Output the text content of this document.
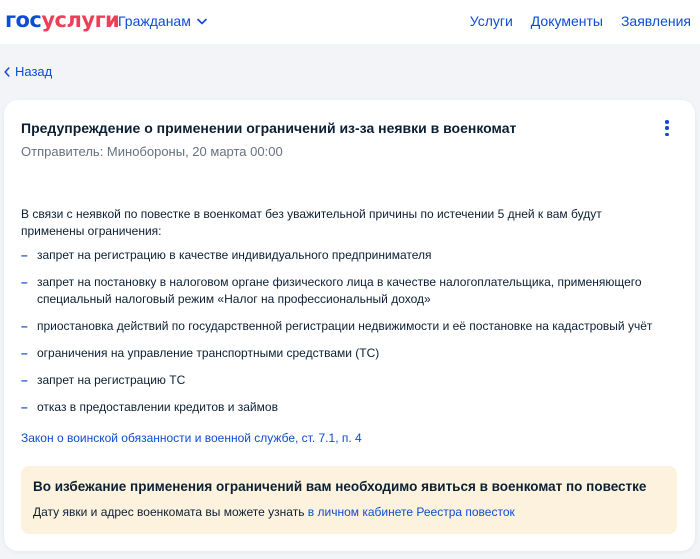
госуслуги
Гражданам	Услуги Документы Заявления
Назад
Предупреждение о применении ограничений из-за неявки в военкомат
Отправитель: Минобороны, 20 марта 00:00

В связи с неявкой по повестке в военкомат без уважительной причины по истечении 5 дней к вам будут применены ограничения:

– запрет на регистрацию в качестве индивидуального предпринимателя
– запрет на постановку в налоговом органе физического лица в качестве налогоплательщика, применяющего специальный налоговый режим «Налог на профессиональный доход»
– приостановка действий по государственной регистрации недвижимости и её постановке на кадастровый учёт
– ограничения на управление транспортными средствами (ТС)
– запрет на регистрацию ТС
– отказ в предоставлении кредитов и займов
Закон о воинской обязанности и военной службе, ст. 7.1, п. 4
Во избежание применения ограничений вам необходимо явиться в военкомат по повестке
Дату явки и адрес военкомата вы можете узнать в личном кабинете Реестра повесток
